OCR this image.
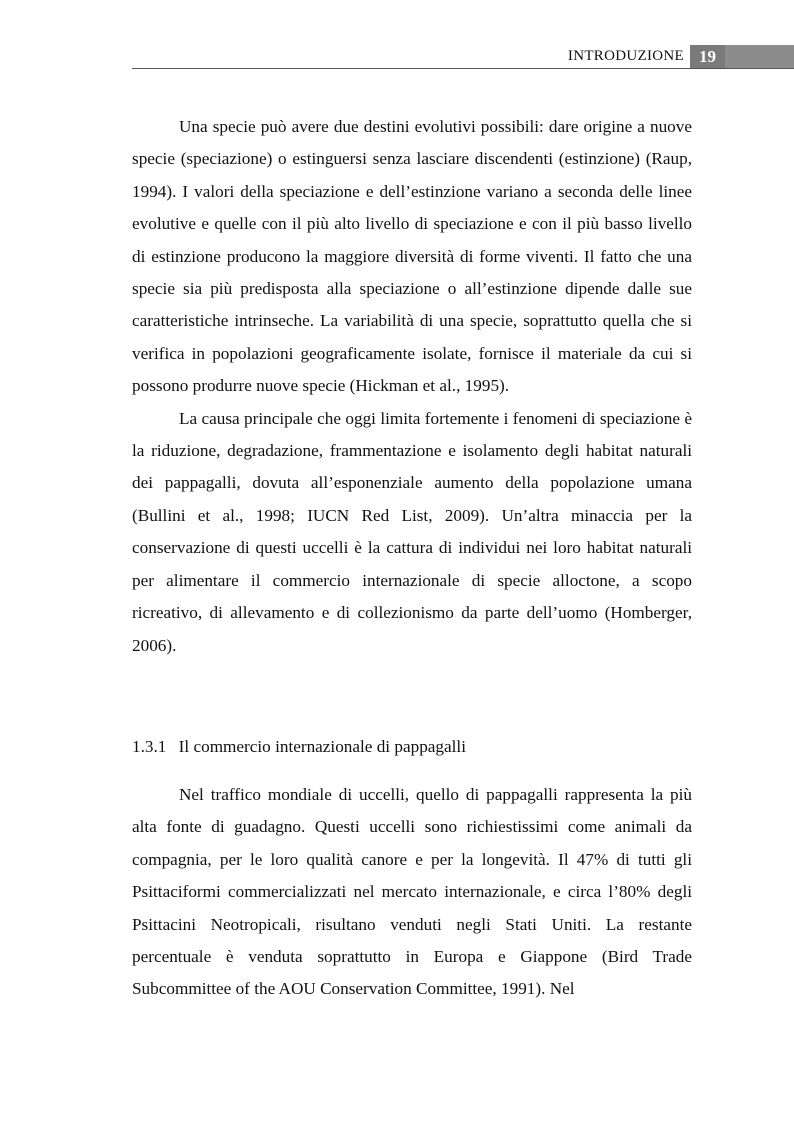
INTRODUZIONE 19

Una specie può avere due destini evolutivi possibili: dare origine a nuove specie (speciazione) o estinguersi senza lasciare discendenti (estinzione) (Raup, 1994). I valori della speciazione e dell’estinzione variano a seconda delle linee evolutive e quelle con il più alto livello di speciazione e con il più basso livello di estinzione producono la maggiore diversità di forme viventi. Il fatto che una specie sia più predisposta alla speciazione o all’estinzione dipende dalle sue caratteristiche intrinseche. La variabilità di una specie, soprattutto quella che si verifica in popolazioni geograficamente isolate, fornisce il materiale da cui si possono produrre nuove specie (Hickman et al., 1995).

La causa principale che oggi limita fortemente i fenomeni di speciazione è la riduzione, degradazione, frammentazione e isolamento degli habitat naturali dei pappagalli, dovuta all’esponenziale aumento della popolazione umana (Bullini et al., 1998; IUCN Red List, 2009). Un’altra minaccia per la conservazione di questi uccelli è la cattura di individui nei loro habitat naturali per alimentare il commercio internazionale di specie alloctone, a scopo ricreativo, di allevamento e di collezionismo da parte dell’uomo (Homberger, 2006).

1.3.1 Il commercio internazionale di pappagalli

Nel traffico mondiale di uccelli, quello di pappagalli rappresenta la più alta fonte di guadagno. Questi uccelli sono richiestissimi come animali da compagnia, per le loro qualità canore e per la longevità. Il 47% di tutti gli Psittaciformi commercializzati nel mercato internazionale, e circa l’80% degli Psittacini Neotropicali, risultano venduti negli Stati Uniti. La restante percentuale è venduta soprattutto in Europa e Giappone (Bird Trade Subcommittee of the AOU Conservation Committee, 1991). Nel
